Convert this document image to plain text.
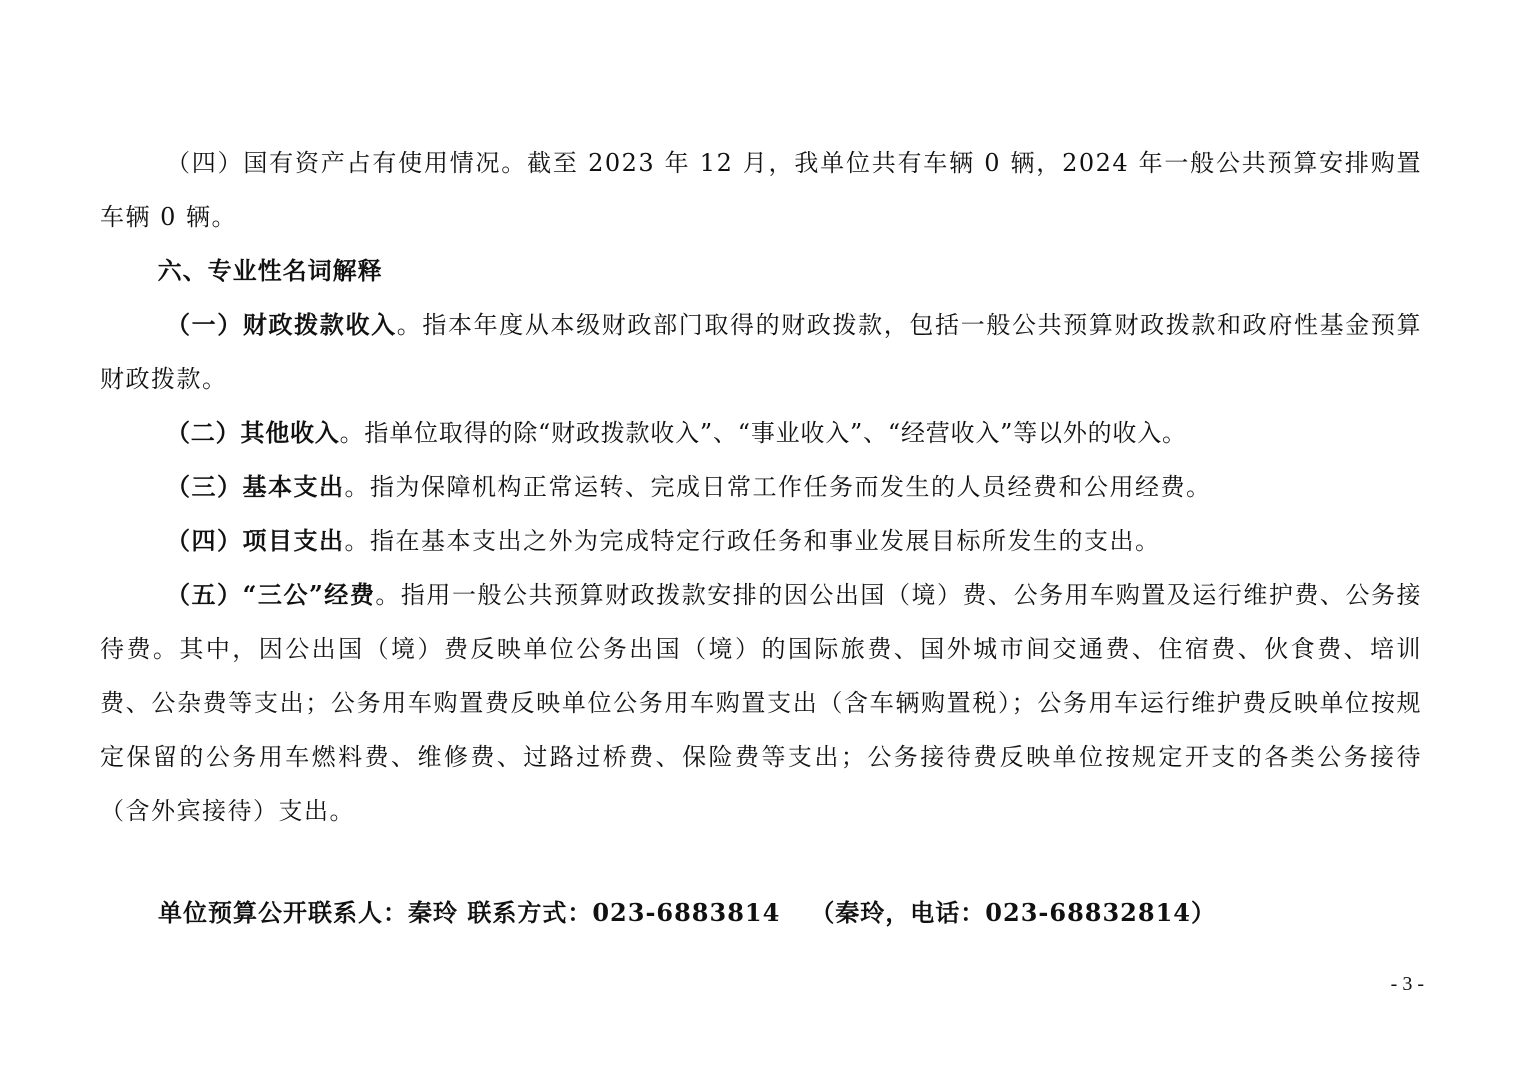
（四）国有资产占有使用情况。截至 2023 年 12 月，我单位共有车辆 0 辆，2024 年一般公共预算安排购置车辆 0 辆。

六、专业性名词解释

（一）财政拨款收入。指本年度从本级财政部门取得的财政拨款，包括一般公共预算财政拨款和政府性基金预算财政拨款。

（二）其他收入。指单位取得的除“财政拨款收入”、“事业收入”、“经营收入”等以外的收入。

（三）基本支出。指为保障机构正常运转、完成日常工作任务而发生的人员经费和公用经费。

（四）项目支出。指在基本支出之外为完成特定行政任务和事业发展目标所发生的支出。

（五）“三公”经费。指用一般公共预算财政拨款安排的因公出国（境）费、公务用车购置及运行维护费、公务接待费。其中，因公出国（境）费反映单位公务出国（境）的国际旅费、国外城市间交通费、住宿费、伙食费、培训费、公杂费等支出；公务用车购置费反映单位公务用车购置支出（含车辆购置税）；公务用车运行维护费反映单位按规定保留的公务用车燃料费、维修费、过路过桥费、保险费等支出；公务接待费反映单位按规定开支的各类公务接待（含外宾接待）支出。

单位预算公开联系人：秦玲 联系方式：023-6883814 （秦玲，电话：023-68832814）
- 3 -
